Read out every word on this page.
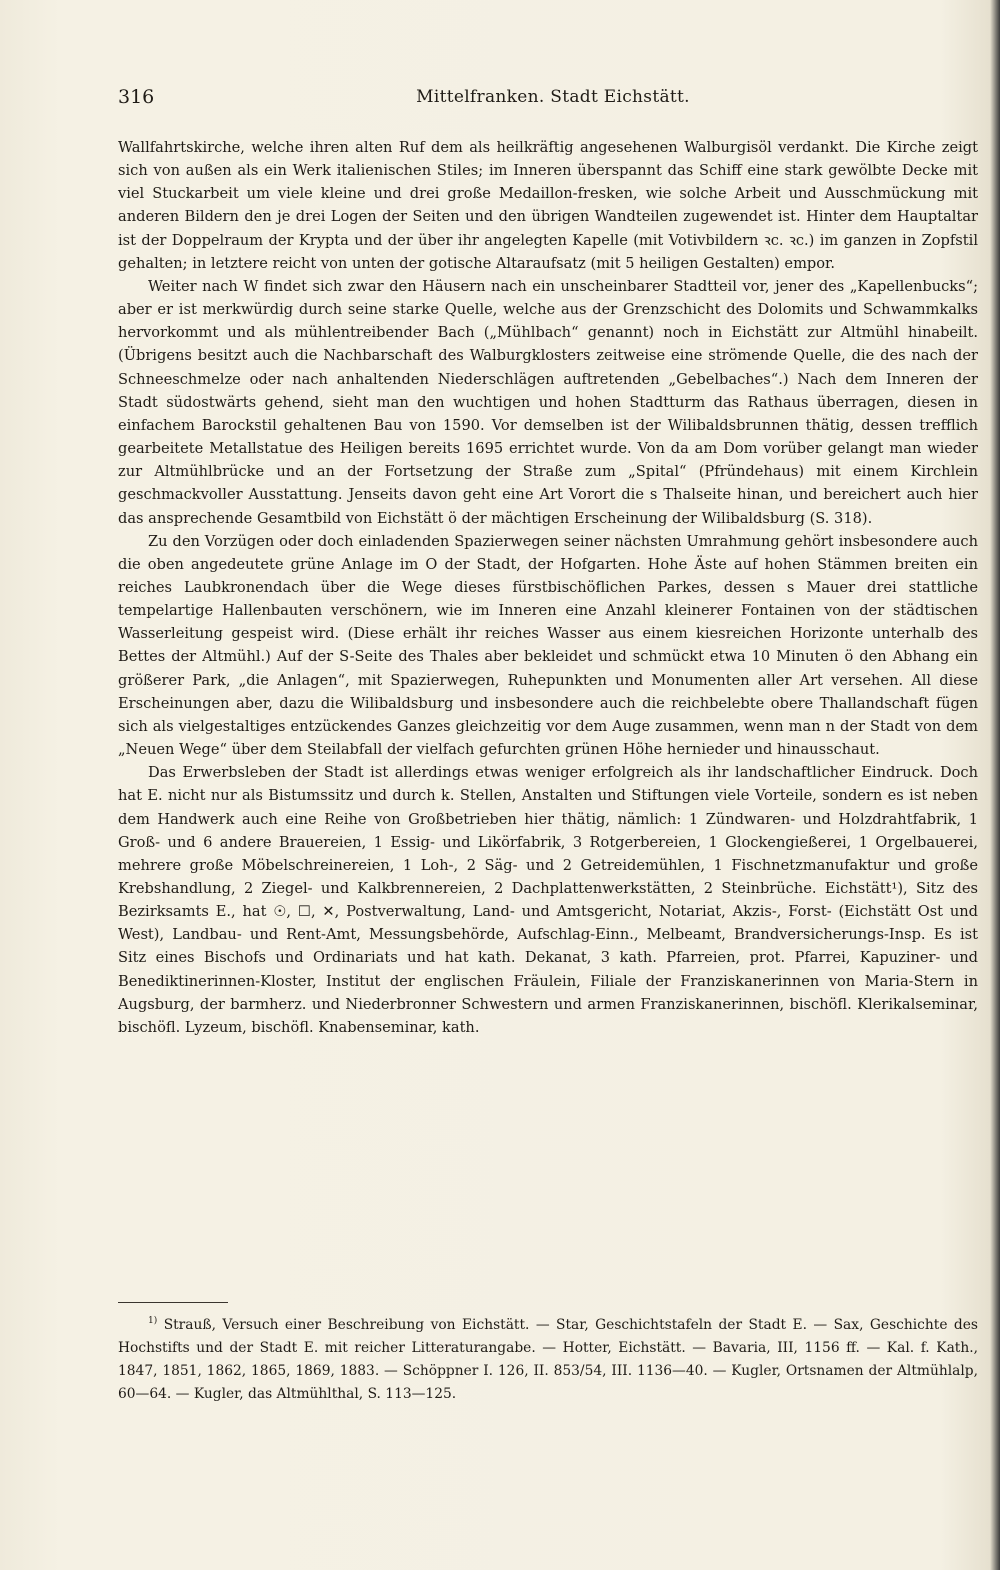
316	Mittelfranken. Stadt Eichstätt.

Wallfahrtskirche, welche ihren alten Ruf dem als heilkräftig angesehenen Walburgisöl verdankt. Die Kirche zeigt sich von außen als ein Werk italienischen Stiles; im Inneren überspannt das Schiff eine stark gewölbte Decke mit viel Stuckarbeit um viele kleine und drei große Medaillon-fresken, wie solche Arbeit und Ausschmückung mit anderen Bildern den je drei Logen der Seiten und den übrigen Wandteilen zugewendet ist. Hinter dem Hauptaltar ist der Doppelraum der Krypta und der über ihr angelegten Kapelle (mit Votivbildern ꝛc. ꝛc.) im ganzen in Zopfstil gehalten; in letztere reicht von unten der gotische Altaraufsatz (mit 5 heiligen Gestalten) empor.

Weiter nach W findet sich zwar den Häusern nach ein unscheinbarer Stadtteil vor, jener des „Kapellenbucks“; aber er ist merkwürdig durch seine starke Quelle, welche aus der Grenzschicht des Dolomits und Schwammkalks hervorkommt und als mühlentreibender Bach („Mühlbach“ genannt) noch in Eichstätt zur Altmühl hinabeilt. (Übrigens besitzt auch die Nachbarschaft des Walburgklosters zeitweise eine strömende Quelle, die des nach der Schneeschmelze oder nach anhaltenden Niederschlägen auftretenden „Gebelbaches“.) Nach dem Inneren der Stadt südostwärts gehend, sieht man den wuchtigen und hohen Stadtturm das Rathaus überragen, diesen in einfachem Barockstil gehaltenen Bau von 1590. Vor demselben ist der Wilibaldsbrunnen thätig, dessen trefflich gearbeitete Metallstatue des Heiligen bereits 1695 errichtet wurde. Von da am Dom vorüber gelangt man wieder zur Altmühlbrücke und an der Fortsetzung der Straße zum „Spital“ (Pfründehaus) mit einem Kirchlein geschmackvoller Ausstattung. Jenseits davon geht eine Art Vorort die s Thalseite hinan, und bereichert auch hier das ansprechende Gesamtbild von Eichstätt ö der mächtigen Erscheinung der Wilibaldsburg (S. 318).

Zu den Vorzügen oder doch einladenden Spazierwegen seiner nächsten Umrahmung gehört insbesondere auch die oben angedeutete grüne Anlage im O der Stadt, der Hofgarten. Hohe Äste auf hohen Stämmen breiten ein reiches Laubkronendach über die Wege dieses fürstbischöflichen Parkes, dessen s Mauer drei stattliche tempelartige Hallenbauten verschönern, wie im Inneren eine Anzahl kleinerer Fontainen von der städtischen Wasserleitung gespeist wird. (Diese erhält ihr reiches Wasser aus einem kiesreichen Horizonte unterhalb des Bettes der Altmühl.) Auf der S-Seite des Thales aber bekleidet und schmückt etwa 10 Minuten ö den Abhang ein größerer Park, „die Anlagen“, mit Spazierwegen, Ruhepunkten und Monumenten aller Art versehen. All diese Erscheinungen aber, dazu die Wilibaldsburg und insbesondere auch die reichbelebte obere Thallandschaft fügen sich als vielgestaltiges entzückendes Ganzes gleichzeitig vor dem Auge zusammen, wenn man n der Stadt von dem „Neuen Wege“ über dem Steilabfall der vielfach gefurchten grünen Höhe hernieder und hinausschaut.

Das Erwerbsleben der Stadt ist allerdings etwas weniger erfolgreich als ihr landschaftlicher Eindruck. Doch hat E. nicht nur als Bistumssitz und durch k. Stellen, Anstalten und Stiftungen viele Vorteile, sondern es ist neben dem Handwerk auch eine Reihe von Großbetrieben hier thätig, nämlich: 1 Zündwaren- und Holzdrahtfabrik, 1 Groß- und 6 andere Brauereien, 1 Essig- und Likörfabrik, 3 Rotgerbereien, 1 Glockengießerei, 1 Orgelbauerei, mehrere große Möbelschreinereien, 1 Loh-, 2 Säg- und 2 Getreidemühlen, 1 Fischnetzmanufaktur und große Krebshandlung, 2 Ziegel- und Kalkbrennereien, 2 Dachplattenwerkstätten, 2 Steinbrüche. Eichstätt¹), Sitz des Bezirksamts E., hat ☉, ☐, ✕, Postverwaltung, Land- und Amtsgericht, Notariat, Akzis-, Forst- (Eichstätt Ost und West), Landbau- und Rent-Amt, Messungsbehörde, Aufschlag-Einn., Melbeamt, Brandversicherungs-Insp. Es ist Sitz eines Bischofs und Ordinariats und hat kath. Dekanat, 3 kath. Pfarreien, prot. Pfarrei, Kapuziner- und Benediktinerinnen-Kloster, Institut der englischen Fräulein, Filiale der Franziskanerinnen von Maria-Stern in Augsburg, der barmherz. und Niederbronner Schwestern und armen Franziskanerinnen, bischöfl. Klerikalseminar, bischöfl. Lyzeum, bischöfl. Knabenseminar, kath.

$^{1)}$ Strauß, Versuch einer Beschreibung von Eichstätt. — Star, Geschichtstafeln der Stadt E. — Sax, Geschichte des Hochstifts und der Stadt E. mit reicher Litteraturangabe. — Hotter, Eichstätt. — Bavaria, III, 1156 ff. — Kal. f. Kath., 1847, 1851, 1862, 1865, 1869, 1883. — Schöppner I. 126, II. 853/54, III. 1136—40. — Kugler, Ortsnamen der Altmühlalp, 60—64. — Kugler, das Altmühlthal, S. 113—125.
